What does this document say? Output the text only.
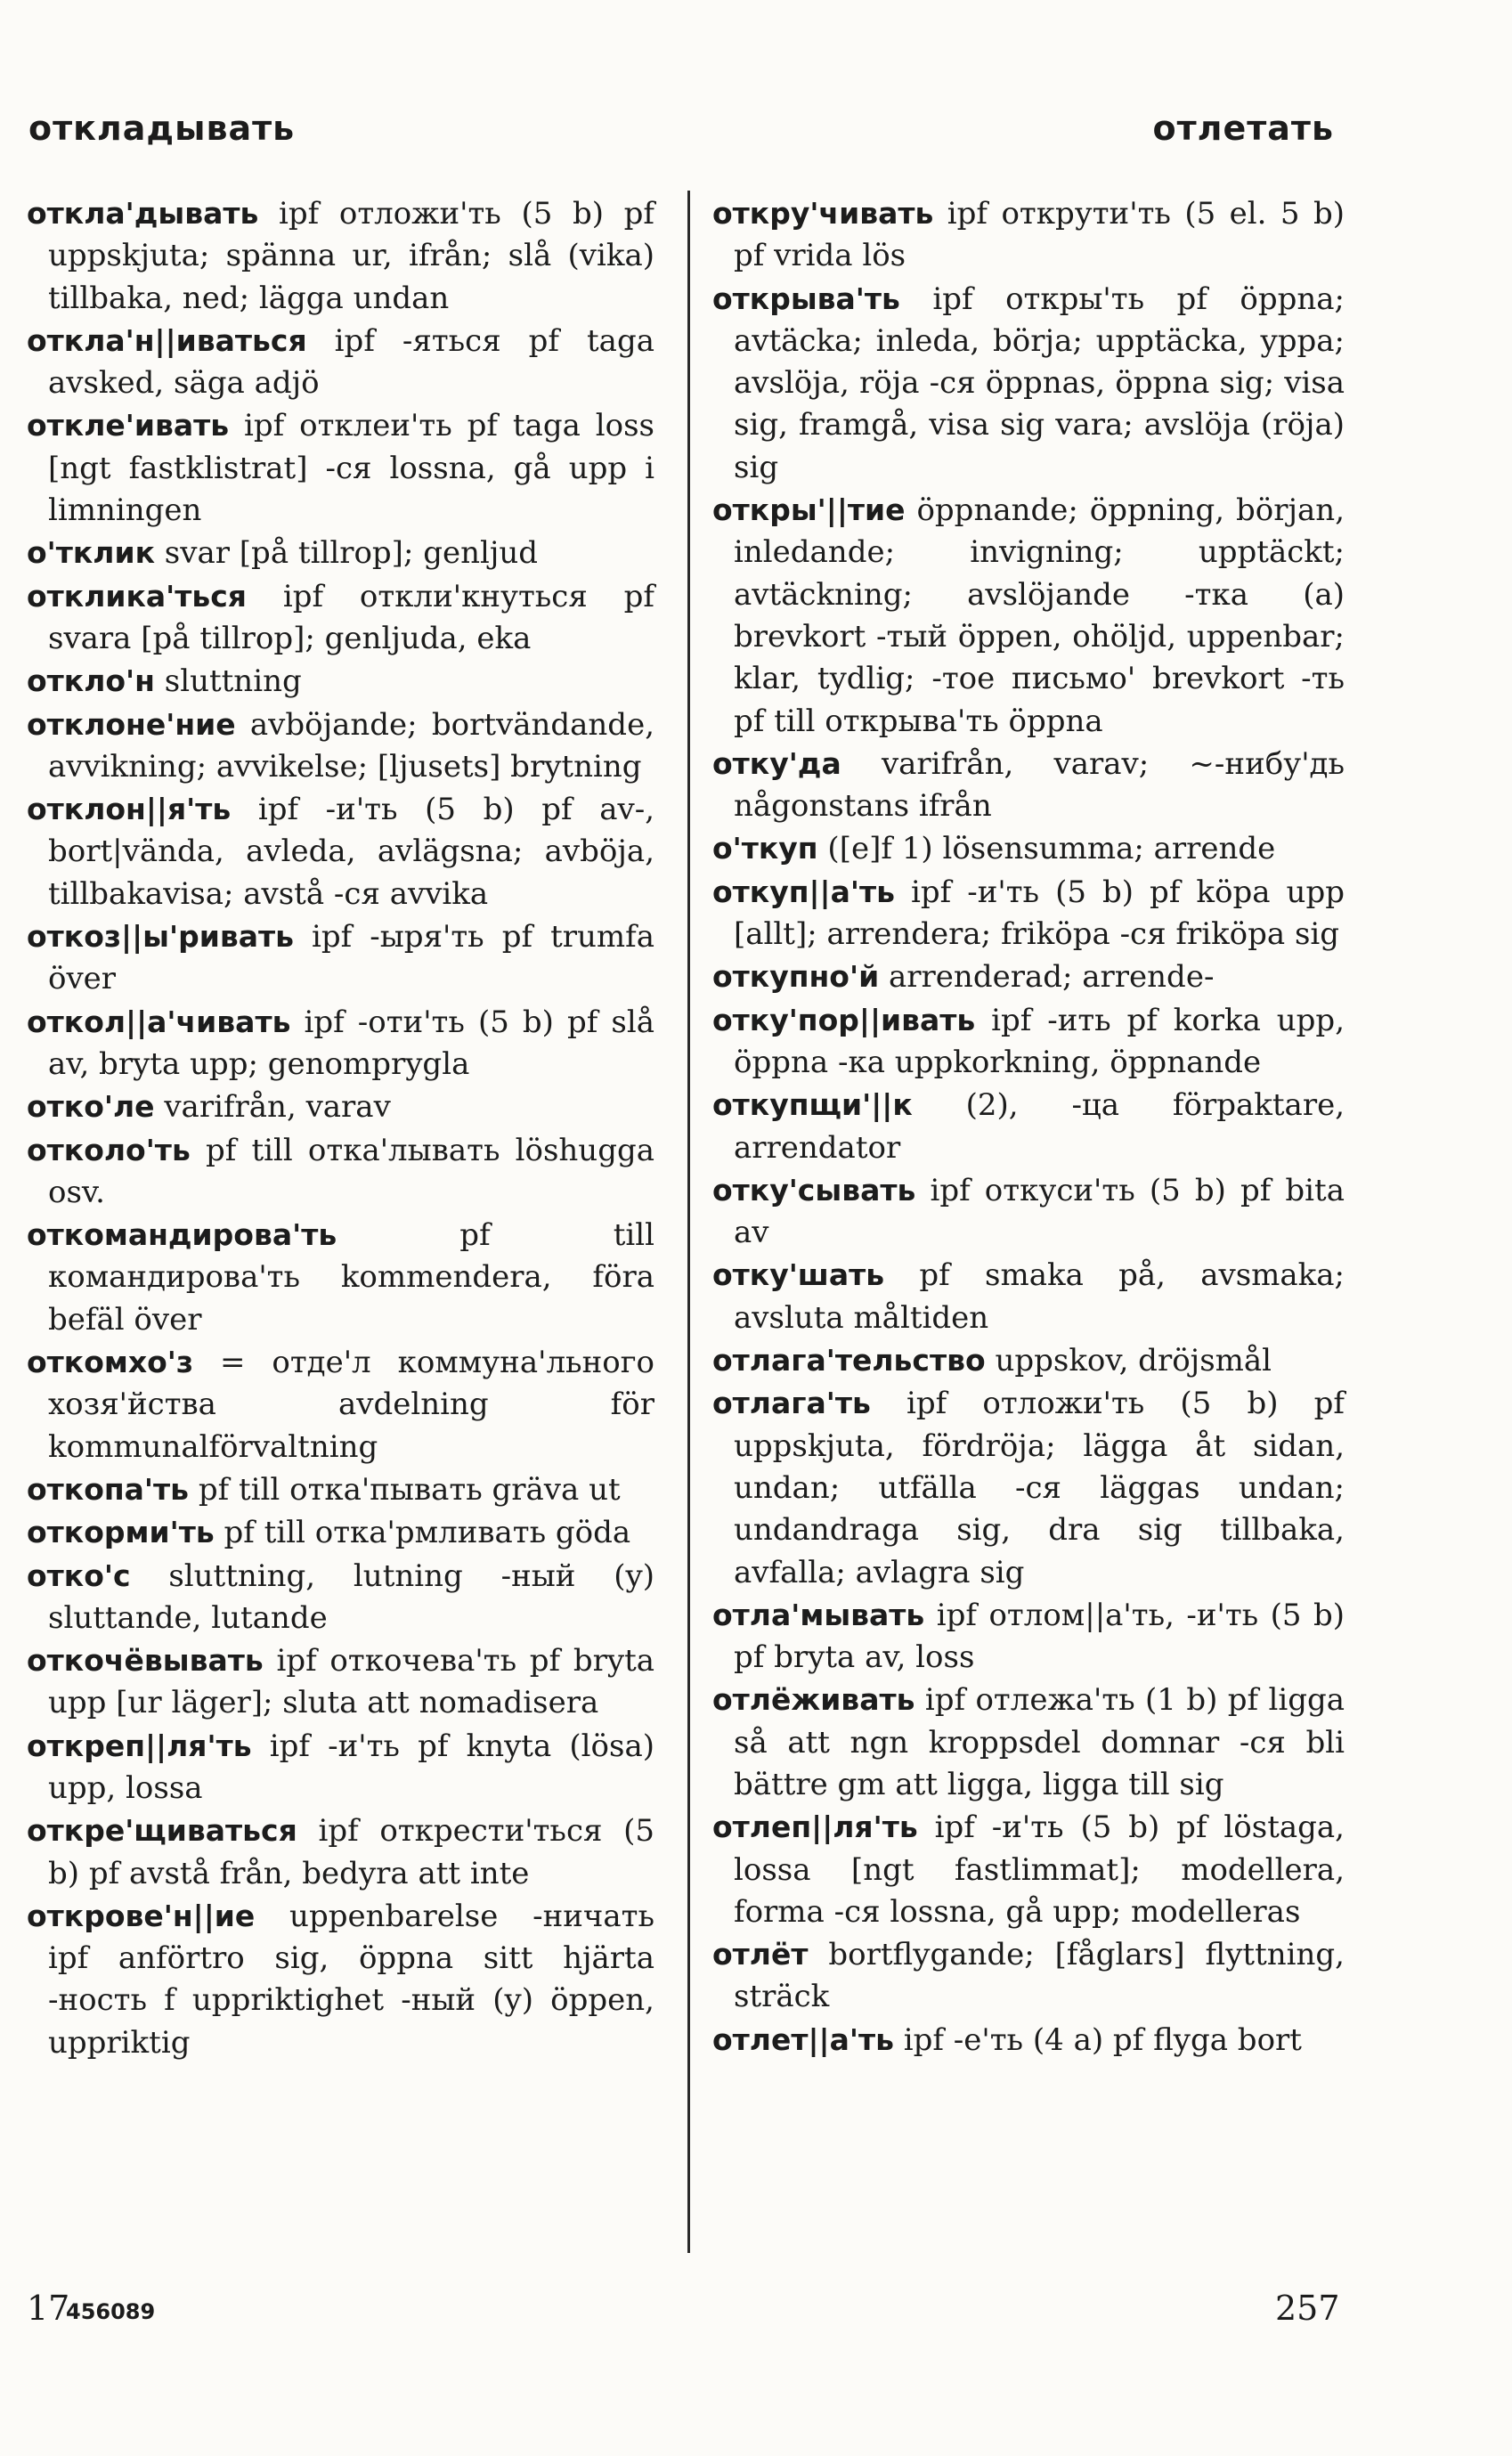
откладывать	отлетать
откла'дывать ipf отложи'ть (5 b) pf uppskjuta; spänna ur, ifrån; slå (vika) tillbaka, ned; lägga undan
откла'н||иваться ipf -яться pf taga avsked, säga adjö
откле'ивать ipf отклеи'ть pf taga loss [ngt fastklistrat] -ся lossna, gå upp i limningen
о'тклик svar [på tillrop]; genljud
отклика'ться ipf откли'кнуться pf svara [på tillrop]; genljuda, eka
откло'н sluttning
отклоне'ние avböjande; bortvändande, avvikning; avvikelse; [ljusets] brytning
отклон||я'ть ipf -и'ть (5 b) pf av-, bort|vända, avleda, avlägsna; avböja, tillbakavisa; avstå -ся avvika
откоз||ы'ривать ipf -ыря'ть pf trumfa över
откол||а'чивать ipf -оти'ть (5 b) pf slå av, bryta upp; genomprygla
отко'ле varifrån, varav
отколо'ть pf till отка'лывать löshugga osv.
откомандирова'ть pf till командирова'ть kommendera, föra befäl över
откомхо'з = отде'л коммуна'льного хозя'йства avdelning för kommunalförvaltning
откопа'ть pf till отка'пывать gräva ut
откорми'ть pf till отка'рмливать göda
отко'с sluttning, lutning -ный (y) sluttande, lutande
откочёвывать ipf откочева'ть pf bryta upp [ur läger]; sluta att nomadisera
откреп||ля'ть ipf -и'ть pf knyta (lösa) upp, lossa
откре'щиваться ipf открести'ться (5 b) pf avstå från, bedyra att inte
открове'н||ие uppenbarelse -ничать ipf anförtro sig, öppna sitt hjärta -ность f uppriktighet -ный (y) öppen, uppriktig
откру'чивать ipf открути'ть (5 el. 5 b) pf vrida lös
открыва'ть ipf откры'ть pf öppna; avtäcka; inleda, börja; upptäcka, yppa; avslöja, röja -ся öppnas, öppna sig; visa sig, framgå, visa sig vara; avslöja (röja) sig
откры'||тие öppnande; öppning, början, inledande; invigning; upptäckt; avtäckning; avslöjande -тка (a) brevkort -тый öppen, ohöljd, uppenbar; klar, tydlig; -тое письмо' brevkort -ть pf till открыва'ть öppna
отку'да varifrån, varav; ~-нибу'дь någonstans ifrån
о'ткуп ([e]f 1) lösensumma; arrende
откуп||а'ть ipf -и'ть (5 b) pf köpa upp [allt]; arrendera; friköpa -ся friköpa sig
откупно'й arrenderad; arrende-
отку'пор||ивать ipf -ить pf korka upp, öppna -ка uppkorkning, öppnande
откупщи'||к (2), -ца förpaktare, arrendator
отку'сывать ipf откуси'ть (5 b) pf bita av
отку'шать pf smaka på, avsmaka; avsluta måltiden
отлага'тельство uppskov, dröjsmål
отлага'ть ipf отложи'ть (5 b) pf uppskjuta, fördröja; lägga åt sidan, undan; utfälla -ся läggas undan; undandraga sig, dra sig tillbaka, avfalla; avlagra sig
отла'мывать ipf отлом||а'ть, -и'ть (5 b) pf bryta av, loss
отлёживать ipf отлежа'ть (1 b) pf ligga så att ngn kroppsdel domnar -ся bli bättre gm att ligga, ligga till sig
отлеп||ля'ть ipf -и'ть (5 b) pf löstaga, lossa [ngt fastlimmat]; modellera, forma -ся lossna, gå upp; modelleras
отлёт bortflygande; [fåglars] flyttning, sträck
отлет||а'ть ipf -е'ть (4 a) pf flyga bort
17
456089	257
